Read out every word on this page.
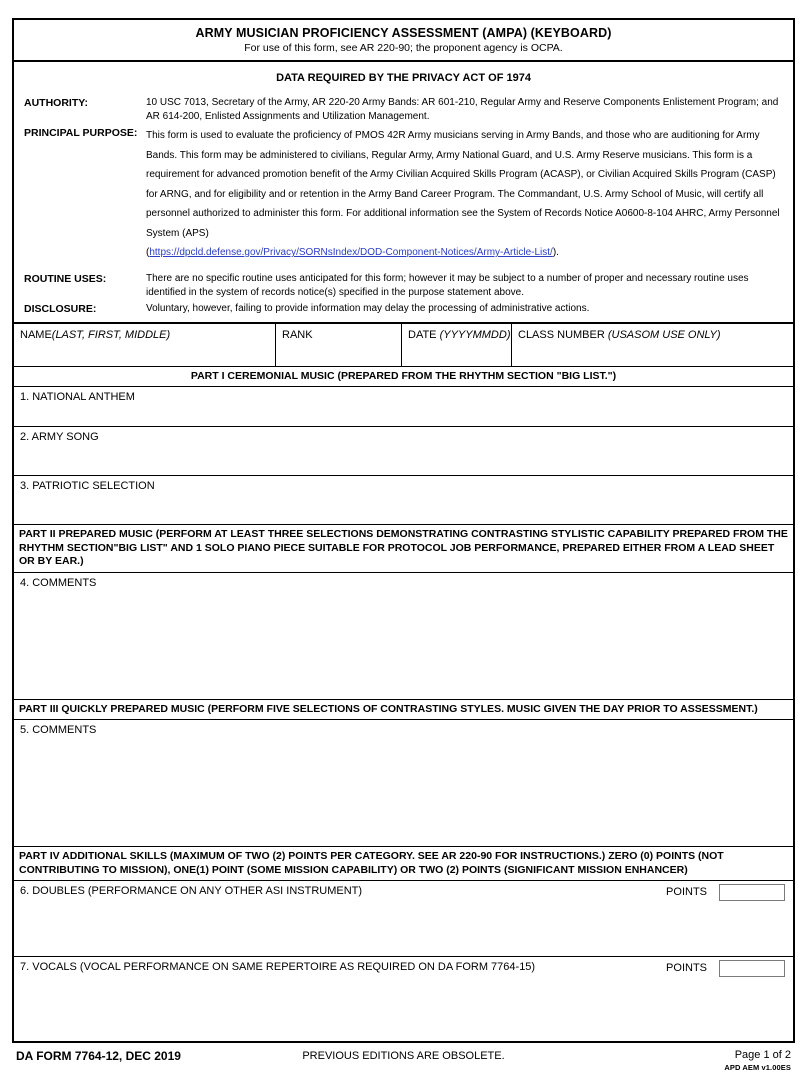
ARMY MUSICIAN PROFICIENCY ASSESSMENT (AMPA) (KEYBOARD)
For use of this form, see AR 220-90; the proponent agency is OCPA.
DATA REQUIRED BY THE PRIVACY ACT OF 1974
AUTHORITY:	10 USC 7013, Secretary of the Army, AR 220-20 Army Bands: AR 601-210, Regular Army and Reserve Components Enlistement Program; and AR 614-200, Enlisted Assignments and Utilization Management.
PRINCIPAL PURPOSE: This form is used to evaluate the proficiency of PMOS 42R Army musicians serving in Army Bands, and those who are auditioning for Army Bands. This form may be administered to civilians, Regular Army, Army National Guard, and U.S. Army Reserve musicians. This form is a requirement for advanced promotion benefit of the Army Civilian Acquired Skills Program (ACASP), or Civilian Acquired Skills Program (CASP) for ARNG, and for eligibility and or retention in the Army Band Career Program. The Commandant, U.S. Army School of Music, will certify all personnel authorized to administer this form. For additional information see the System of Records Notice A0600-8-104 AHRC, Army Personnel System (APS)

(https://dpcld.defense.gov/Privacy/SORNsIndex/DOD-Component-Notices/Army-Article-List/).

ROUTINE USES:	There are no specific routine uses anticipated for this form; however it may be subject to a number of proper and necessary routine uses identified in the system of records notice(s) specified in the purpose statement above.
DISCLOSURE:	Voluntary, however, failing to provide information may delay the processing of administrative actions.
NAME(LAST, FIRST, MIDDLE)	RANK	DATE (YYYYMMDD) CLASS NUMBER (USASOM USE ONLY)
PART I CEREMONIAL MUSIC (PREPARED FROM THE RHYTHM SECTION "BIG LIST.")
1. NATIONAL ANTHEM
2. ARMY SONG
3. PATRIOTIC SELECTION
PART II PREPARED MUSIC (PERFORM AT LEAST THREE SELECTIONS DEMONSTRATING CONTRASTING STYLISTIC CAPABILITY PREPARED FROM THE RHYTHM SECTION"BIG LIST" AND 1 SOLO PIANO PIECE SUITABLE FOR PROTOCOL JOB PERFORMANCE, PREPARED EITHER FROM A LEAD SHEET OR BY EAR.)
4. COMMENTS
PART III QUICKLY PREPARED MUSIC (PERFORM FIVE SELECTIONS OF CONTRASTING STYLES. MUSIC GIVEN THE DAY PRIOR TO ASSESSMENT.)
5. COMMENTS
PART IV ADDITIONAL SKILLS (MAXIMUM OF TWO (2) POINTS PER CATEGORY. SEE AR 220-90 FOR INSTRUCTIONS.) ZERO (0) POINTS (NOT CONTRIBUTING TO MISSION), ONE(1) POINT (SOME MISSION CAPABILITY) OR TWO (2) POINTS (SIGNIFICANT MISSION ENHANCER)
6. DOUBLES (PERFORMANCE ON ANY OTHER ASI INSTRUMENT)	POINTS
7. VOCALS (VOCAL PERFORMANCE ON SAME REPERTOIRE AS REQUIRED ON DA FORM 7764-15)	POINTS
DA FORM 7764-12, DEC 2019	PREVIOUS EDITIONS ARE OBSOLETE.	Page 1 of 2
APD AEM v1.00ES
